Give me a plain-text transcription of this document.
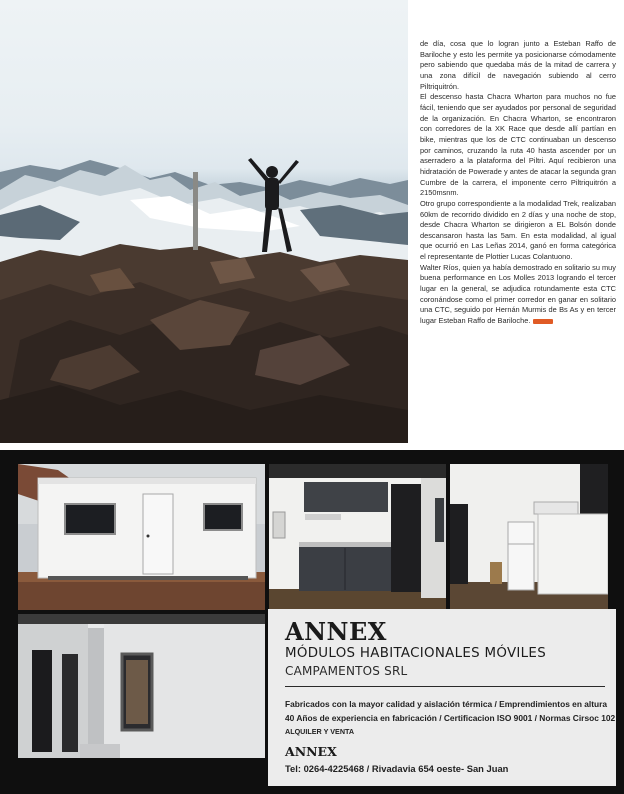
de día, cosa que lo logran junto a Esteban Raffo de Bariloche y esto les permite ya posicionarse cómodamente pero sabiendo que quedaba más de la mitad de carrera y una zona difícil de navegación subiendo al cerro Piltriquitrón.

El descenso hasta Chacra Wharton para muchos no fue fácil, teniendo que ser ayudados por personal de seguridad de la organización. En Chacra Wharton, se encontraron con corredores de la XK Race que desde allí partían en bike, mientras que los de CTC continuaban un descenso por caminos, cruzando la ruta 40 hasta ascender por un aserradero a la plataforma del Piltri. Aquí recibieron una hidratación de Powerade y antes de atacar la segunda gran Cumbre de la carrera, el imponente cerro Piltriquitrón a 2150msnm.

Otro grupo correspondiente a la modalidad Trek, realizaban 60km de recorrido dividido en 2 días y una noche de stop, desde Chacra Wharton se dirigieron a EL Bolsón donde descansaron hasta las 5am. En esta modalidad, al igual que ocurrió en Las Leñas 2014, ganó en forma categórica el representante de Plottier Lucas Colantuono.

Walter Ríos, quien ya había demostrado en solitario su muy buena performance en Los Molles 2013 logrando el tercer lugar en la general, se adjudica rotundamente esta CTC coronándose como el primer corredor en ganar en solitario una CTC, seguido por Hernán Murmis de Bs As y en tercer lugar Esteban Raffo de Bariloche.

ANNEX
MÓDULOS HABITACIONALES MÓVILES
CAMPAMENTOS SRL
Fabricados con la mayor calidad y aislación térmica / Emprendimientos en altura
40 Años de experiencia en fabricación / Certificacion ISO 9001 / Normas Cirsoc 102
ALQUILER Y VENTA
ANNEX
Tel: 0264-4225468 / Rivadavia 654 oeste- San Juan
